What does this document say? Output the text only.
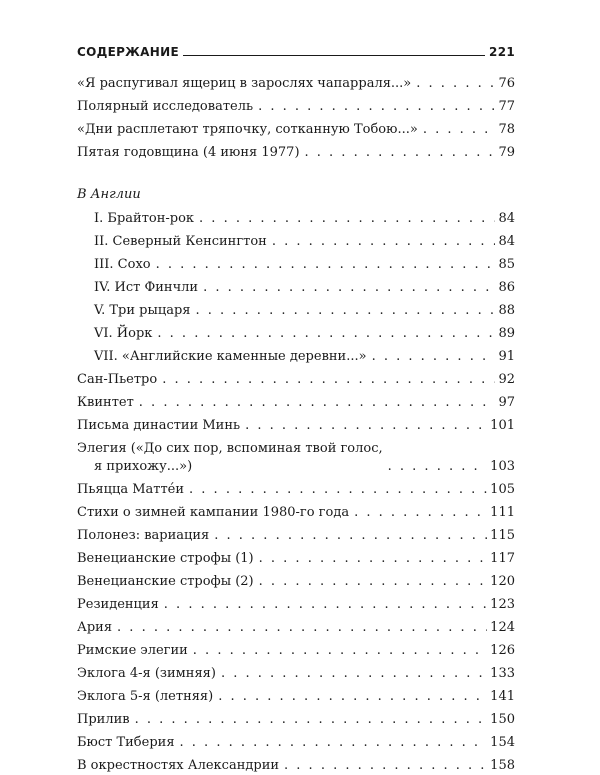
СОДЕРЖАНИЕ	221
«Я распугивал ящериц в зарослях чапарраля...» . . .	76
Полярный исследователь . . .	77
«Дни расплетают тряпочку, сотканную Тобою...» . . .	78
Пятая годовщина (4 июня 1977) . . .	79
В Англии
I. Брайтон-рок . . .	84
II. Северный Кенсингтон . . .	84
III. Сохо . . .	85
IV. Ист Финчли . . .	86
V. Три рыцаря . . .	88
VI. Йорк . . .	89
VII. «Английские каменные деревни...» . . .	91
Сан-Пьетро . . .	92
Квинтет . . .	97
Письма династии Минь . . .	101
Элегия («До сих пор, вспоминая твой голос,
я прихожу...») . . .	103
Пьяцца Маттéи . . .	105
Стихи о зимней кампании 1980-го года . . .	111
Полонез: вариация . . .	115
Венецианские строфы (1) . . .	117
Венецианские строфы (2) . . .	120
Резиденция . . .	123
Ария . . .	124
Римские элегии . . .	126
Эклога 4-я (зимняя) . . .	133
Эклога 5-я (летняя) . . .	141
Прилив . . .	150
Бюст Тиберия . . .	154
В окрестностях Александрии . . .	158
